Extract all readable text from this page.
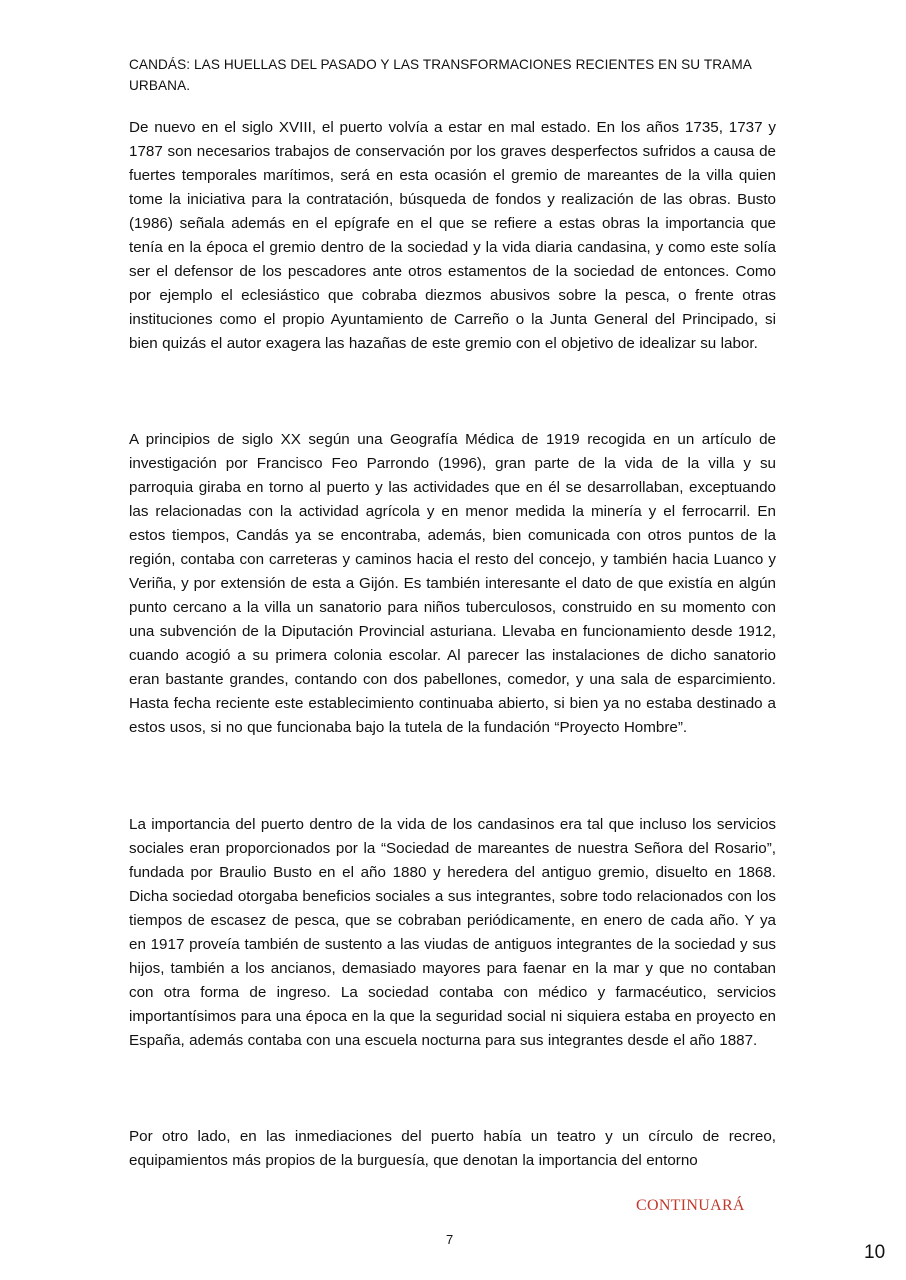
CANDÁS: LAS HUELLAS DEL PASADO Y LAS TRANSFORMACIONES RECIENTES EN SU TRAMA URBANA.
De nuevo en el siglo XVIII, el puerto volvía a estar en mal estado. En los años 1735, 1737 y 1787 son necesarios trabajos de conservación por los graves desperfectos sufridos a causa de fuertes temporales marítimos, será en esta ocasión el gremio de mareantes de la villa quien tome la iniciativa para la contratación, búsqueda de fondos y realización de las obras. Busto (1986) señala además en el epígrafe en el que se refiere a estas obras la importancia que tenía en la época el gremio dentro de la sociedad y la vida diaria candasina, y como este solía ser el defensor de los pescadores ante otros estamentos de la sociedad de entonces. Como por ejemplo el eclesiástico que cobraba diezmos abusivos sobre la pesca, o frente otras instituciones como el propio Ayuntamiento de Carreño o la Junta General del Principado, si bien quizás el autor exagera las hazañas de este gremio con el objetivo de idealizar su labor.
A principios de siglo XX según una Geografía Médica de 1919 recogida en un artículo de investigación por Francisco Feo Parrondo (1996), gran parte de la vida de la villa y su parroquia giraba en torno al puerto y las actividades que en él se desarrollaban, exceptuando las relacionadas con la actividad agrícola y en menor medida la minería y el ferrocarril. En estos tiempos, Candás ya se encontraba, además, bien comunicada con otros puntos de la región, contaba con carreteras y caminos hacia el resto del concejo, y también hacia Luanco y Veriña, y por extensión de esta a Gijón. Es también interesante el dato de que existía en algún punto cercano a la villa un sanatorio para niños tuberculosos, construido en su momento con una subvención de la Diputación Provincial asturiana. Llevaba en funcionamiento desde 1912, cuando acogió a su primera colonia escolar. Al parecer las instalaciones de dicho sanatorio eran bastante grandes, contando con dos pabellones, comedor, y una sala de esparcimiento. Hasta fecha reciente este establecimiento continuaba abierto, si bien ya no estaba destinado a estos usos, si no que funcionaba bajo la tutela de la fundación “Proyecto Hombre”.
La importancia del puerto dentro de la vida de los candasinos era tal que incluso los servicios sociales eran proporcionados por la “Sociedad de mareantes de nuestra Señora del Rosario”, fundada por Braulio Busto en el año 1880 y heredera del antiguo gremio, disuelto en 1868. Dicha sociedad otorgaba beneficios sociales a sus integrantes, sobre todo relacionados con los tiempos de escasez de pesca, que se cobraban periódicamente, en enero de cada año. Y ya en 1917 proveía también de sustento a las viudas de antiguos integrantes de la sociedad y sus hijos, también a los ancianos, demasiado mayores para faenar en la mar y que no contaban con otra forma de ingreso. La sociedad contaba con médico y farmacéutico, servicios importantísimos para una época en la que la seguridad social ni siquiera estaba en proyecto en España, además contaba con una escuela nocturna para sus integrantes desde el año 1887.
Por otro lado, en las inmediaciones del puerto había un teatro y un círculo de recreo, equipamientos más propios de la burguesía, que denotan la importancia del entorno
CONTINUARÁ
7
10
